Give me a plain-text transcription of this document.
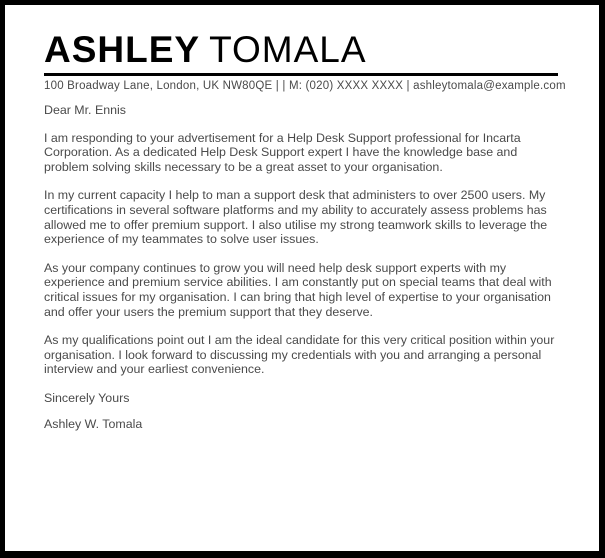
ASHLEY TOMALA
100 Broadway Lane, London, UK NW80QE | | M: (020) XXXX XXXX | ashleytomala@example.com

Dear Mr. Ennis

I am responding to your advertisement for a Help Desk Support professional for Incarta Corporation. As a dedicated Help Desk Support expert I have the knowledge base and problem solving skills necessary to be a great asset to your organisation.

In my current capacity I help to man a support desk that administers to over 2500 users. My certifications in several software platforms and my ability to accurately assess problems has allowed me to offer premium support. I also utilise my strong teamwork skills to leverage the experience of my teammates to solve user issues.

As your company continues to grow you will need help desk support experts with my experience and premium service abilities. I am constantly put on special teams that deal with critical issues for my organisation. I can bring that high level of expertise to your organisation and offer your users the premium support that they deserve.

As my qualifications point out I am the ideal candidate for this very critical position within your organisation. I look forward to discussing my credentials with you and arranging a personal interview and your earliest convenience.

Sincerely Yours

Ashley W. Tomala
